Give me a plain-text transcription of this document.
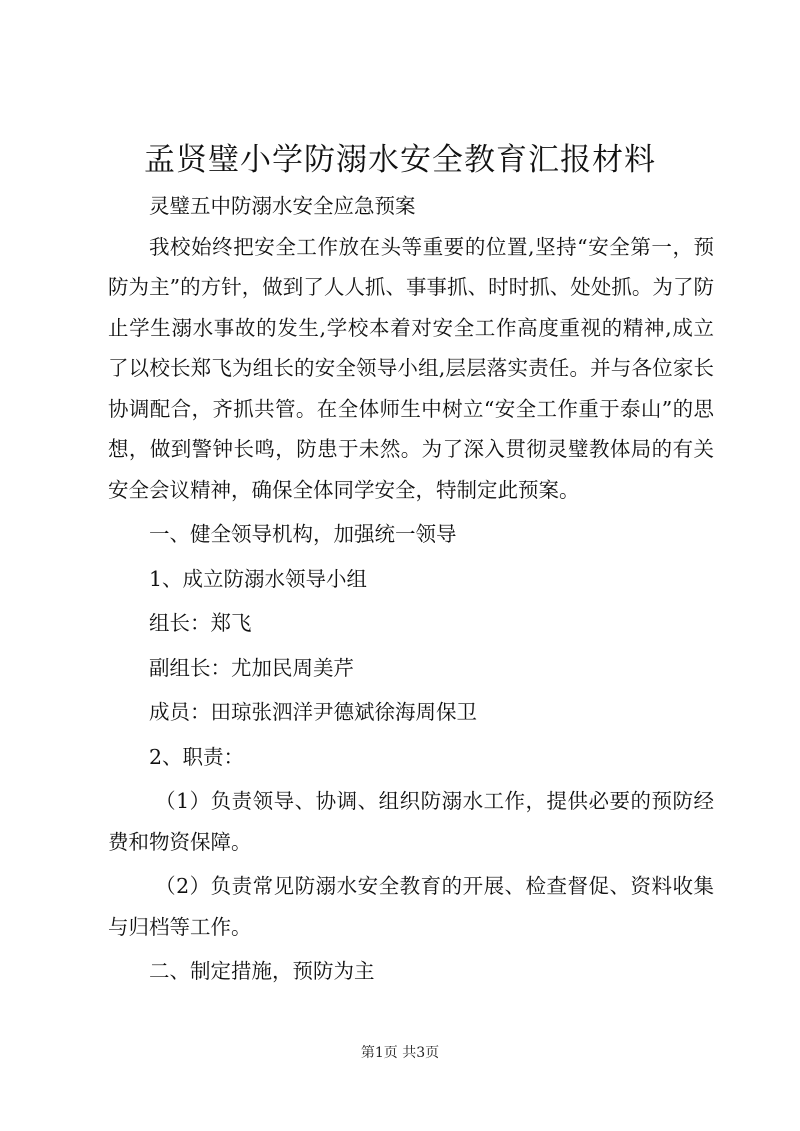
孟贤璧小学防溺水安全教育汇报材料

灵璧五中防溺水安全应急预案

我校始终把安全工作放在头等重要的位置,坚持“安全第一，预防为主”的方针，做到了人人抓、事事抓、时时抓、处处抓。为了防止学生溺水事故的发生,学校本着对安全工作高度重视的精神,成立了以校长郑飞为组长的安全领导小组,层层落实责任。并与各位家长协调配合，齐抓共管。在全体师生中树立“安全工作重于泰山”的思想，做到警钟长鸣，防患于未然。为了深入贯彻灵璧教体局的有关安全会议精神，确保全体同学安全，特制定此预案。

一、健全领导机构，加强统一领导

1、成立防溺水领导小组

组长：郑飞

副组长：尤加民周美芹

成员：田琼张泗洋尹德斌徐海周保卫

2、职责：

（1）负责领导、协调、组织防溺水工作，提供必要的预防经费和物资保障。

（2）负责常见防溺水安全教育的开展、检查督促、资料收集与归档等工作。

二、制定措施，预防为主

第1页 共3页
